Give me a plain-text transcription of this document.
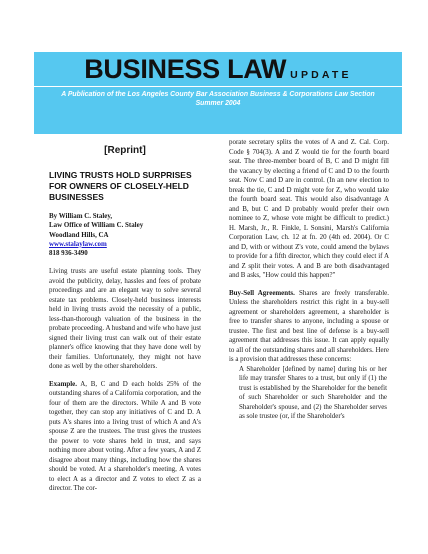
BUSINESS LAW UPDATE
A Publication of the Los Angeles County Bar Association Business & Corporations Law Section
Summer 2004
[Reprint]
LIVING TRUSTS HOLD SURPRISES
FOR OWNERS OF CLOSELY-HELD
BUSINESSES
By William C. Staley,
Law Office of William C. Staley
Woodland Hills, CA
www.stalaylaw.com
818 936-3490

Living trusts are useful estate planning tools. They avoid the publicity, delay, hassles and fees of probate proceedings and are an elegant way to solve several estate tax problems. Closely-held business interests held in living trusts avoid the necessity of a public, less-than-thorough valuation of the business in the probate proceeding. A husband and wife who have just signed their living trust can walk out of their estate planner's office knowing that they have done well by their families. Unfortunately, they might not have done as well by the other shareholders.

Example. A, B, C and D each holds 25% of the outstanding shares of a California corporation, and the four of them are the directors. While A and B vote together, they can stop any initiatives of C and D. A puts A's shares into a living trust of which A and A's spouse Z are the trustees. The trust gives the trustees the power to vote shares held in trust, and says nothing more about voting. After a few years, A and Z disagree about many things, including how the shares should be voted. At a shareholder's meeting, A votes to elect A as a director and Z votes to elect Z as a director. The cor-

porate secretary splits the votes of A and Z. Cal. Corp. Code § 704(3). A and Z would tie for the fourth board seat. The three-member board of B, C and D might fill the vacancy by electing a friend of C and D to the fourth seat. Now C and D are in control. (In an new election to break the tie, C and D might vote for Z, who would take the fourth board seat. This would also disadvantage A and B, but C and D probably would prefer their own nominee to Z, whose vote might be difficult to predict.) H. Marsh, Jr., R. Finkle, L Sonsini, Marsh's California Corporation Law, ch. 12 at fn. 20 (4th ed. 2004). Or C and D, with or without Z's vote, could amend the bylaws to provide for a fifth director, which they could elect if A and Z split their votes. A and B are both disadvantaged and B asks, "How could this happen?"

Buy-Sell Agreements. Shares are freely transferable. Unless the shareholders restrict this right in a buy-sell agreement or shareholders agreement, a shareholder is free to transfer shares to anyone, including a spouse or trustee. The first and best line of defense is a buy-sell agreement that addresses this issue. It can apply equally to all of the outstanding shares and all shareholders. Here is a provision that addresses these concerns:

A Shareholder [defined by name] during his or her life may transfer Shares to a trust, but only if (1) the trust is established by the Shareholder for the benefit of such Shareholder or such Shareholder and the Shareholder's spouse, and (2) the Shareholder serves as sole trustee (or, if the Shareholder's
